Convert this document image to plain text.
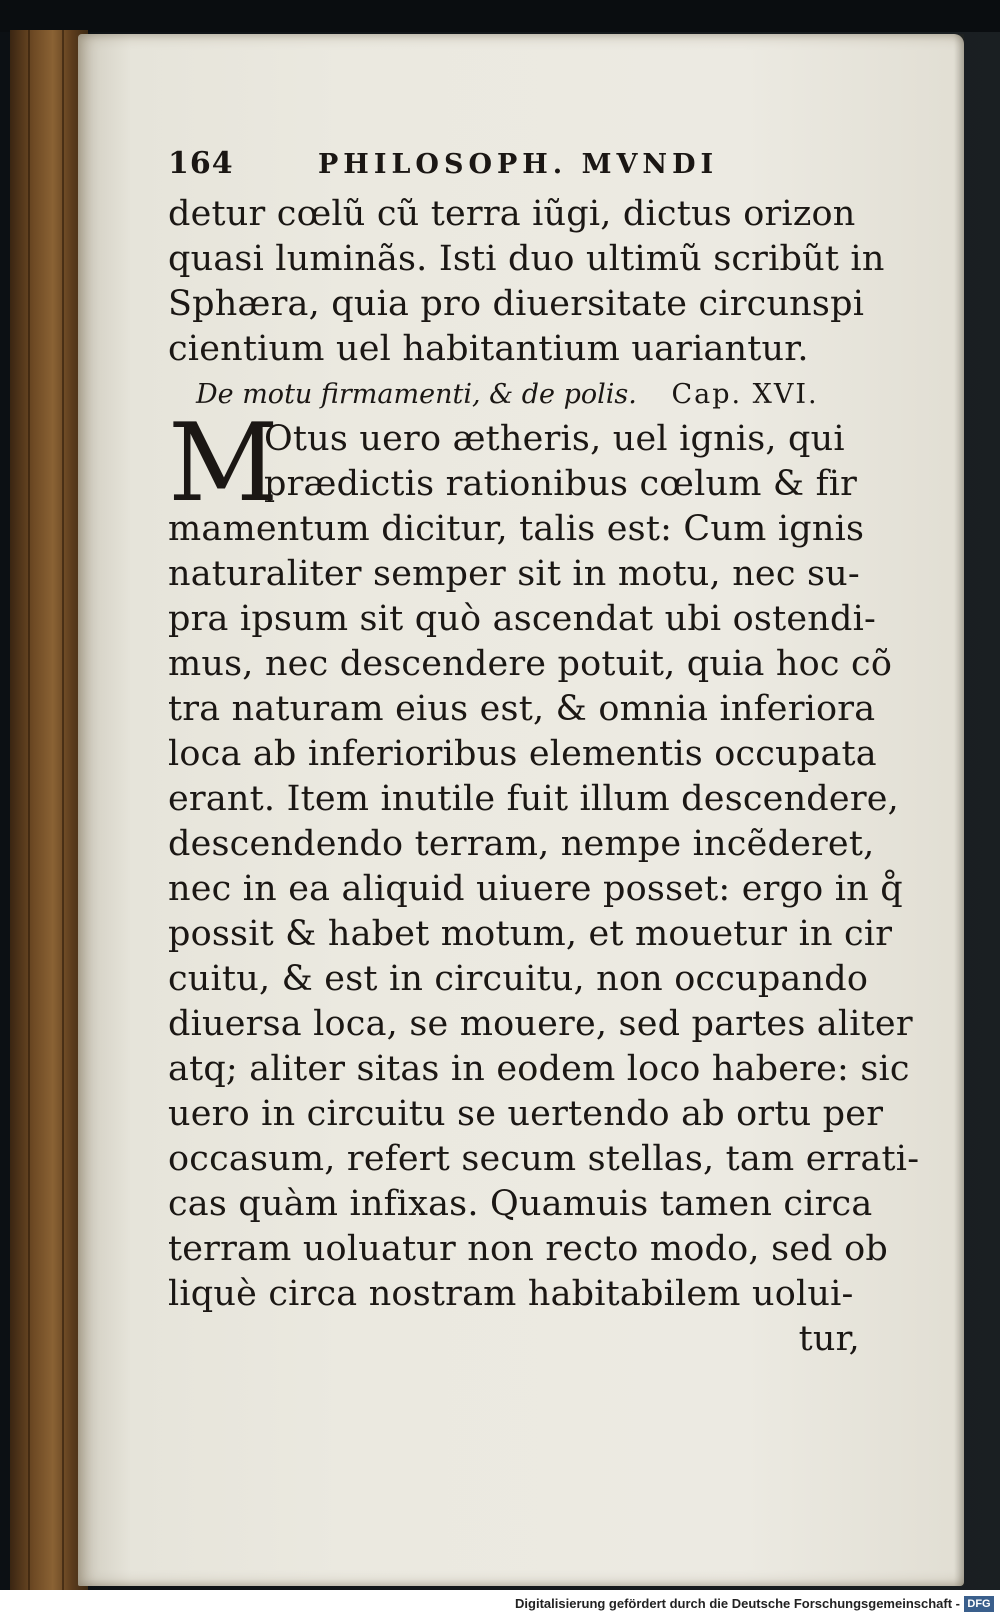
164	PHILOSOPH. MVNDI
detur cœlũ cũ terra iũgi, dictus orizon
quasi luminãs. Isti duo ultimũ scribũt in
Sphæra, quia pro diuersitate circunspi
cientium uel habitantium uariantur.
De motu firmamenti, & de polis. Cap. XVI.
M
Otus uero ætheris, uel ignis, qui
prædictis rationibus cœlum & fir
mamentum dicitur, talis est: Cum ignis
naturaliter semper sit in motu, nec su-
pra ipsum sit quò ascendat ubi ostendi-
mus, nec descendere potuit, quia hoc cõ
tra naturam eius est, & omnia inferiora
loca ab inferioribus elementis occupata
erant. Item inutile fuit illum descendere,
descendendo terram, nempe incẽderet,
nec in ea aliquid uiuere posset: ergo in q̊
possit & habet motum, et mouetur in cir
cuitu, & est in circuitu, non occupando
diuersa loca, se mouere, sed partes aliter
atq; aliter sitas in eodem loco habere: sic
uero in circuitu se uertendo ab ortu per
occasum, refert secum stellas, tam errati-
cas quàm infixas. Quamuis tamen circa
terram uoluatur non recto modo, sed ob
liquè circa nostram habitabilem uolui-
tur,
Digitalisierung gefördert durch die Deutsche Forschungsgemeinschaft - DFG
